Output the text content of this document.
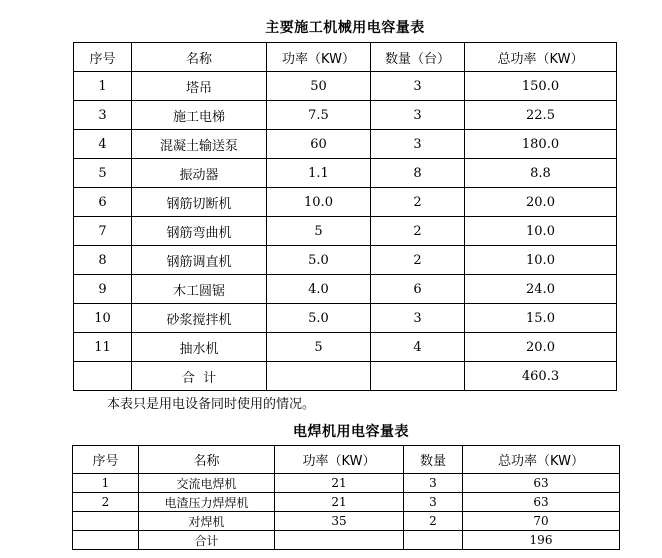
主要施工机械用电容量表
序号	名称	功率（KW）	数量（台）	总功率（KW）
1	塔吊	50	3	150.0
3	施工电梯	7.5	3	22.5
4	混凝土输送泵	60	3	180.0
5	振动器	1.1	8	8.8
6	钢筋切断机	10.0	2	20.0
7	钢筋弯曲机	5	2	10.0
8	钢筋调直机	5.0	2	10.0
9	木工圆锯	4.0	6	24.0
10	砂浆搅拌机	5.0	3	15.0
11	抽水机	5	4	20.0
	合  计			460.3
本表只是用电设备同时使用的情况。
电焊机用电容量表
序号	名称	功率（KW）	数量	总功率（KW）
1	交流电焊机	21	3	63
2	电渣压力焊焊机	21	3	63
	对焊机	35	2	70
	合计			196
